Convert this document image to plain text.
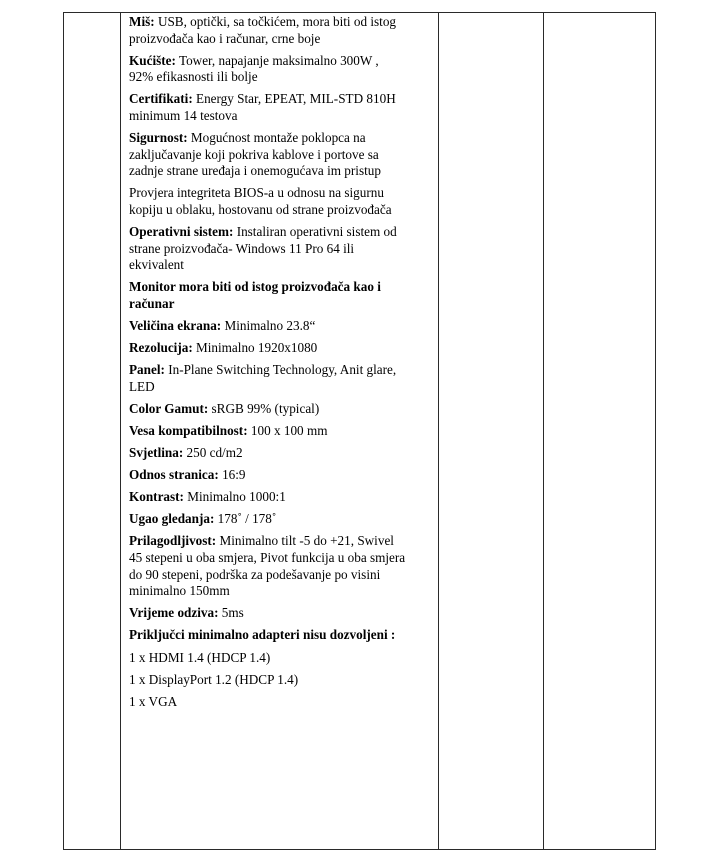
Miš: USB, optički, sa točkićem, mora biti od istog
proizvođača kao i računar, crne boje

Kućište: Tower, napajanje maksimalno 300W ,
92% efikasnosti ili bolje

Certifikati: Energy Star, EPEAT, MIL-STD 810H
minimum 14 testova

Sigurnost: Mogućnost montaže poklopca na
zaključavanje koji pokriva kablove i portove sa
zadnje strane uređaja i onemogućava im pristup

Provjera integriteta BIOS-a u odnosu na sigurnu
kopiju u oblaku, hostovanu od strane proizvođača

Operativni sistem: Instaliran operativni sistem od
strane proizvođača- Windows 11 Pro 64 ili
ekvivalent

Monitor mora biti od istog proizvođača kao i
računar

Veličina ekrana: Minimalno 23.8“

Rezolucija: Minimalno 1920x1080

Panel: In-Plane Switching Technology, Anit glare,
LED

Color Gamut: sRGB 99% (typical)

Vesa kompatibilnost: 100 x 100 mm

Svjetlina: 250 cd/m2

Odnos stranica: 16:9

Kontrast: Minimalno 1000:1

Ugao gledanja: 178˚ / 178˚

Prilagodljivost: Minimalno tilt -5 do +21, Swivel
45 stepeni u oba smjera, Pivot funkcija u oba smjera
do 90 stepeni, podrška za podešavanje po visini
minimalno 150mm

Vrijeme odziva: 5ms

Priključci minimalno adapteri nisu dozvoljeni :

1 x HDMI 1.4 (HDCP 1.4)

1 x DisplayPort 1.2 (HDCP 1.4)

1 x VGA
